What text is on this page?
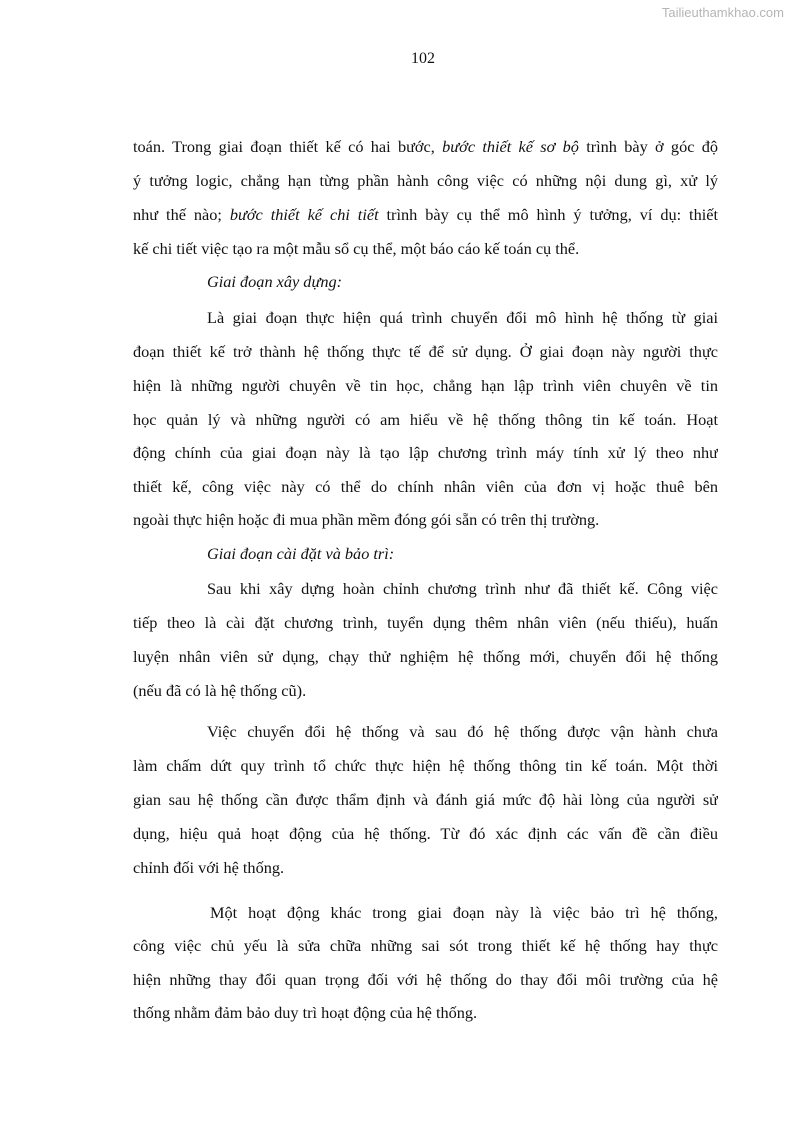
Tailieuthamkhao.com
102
toán. Trong giai đoạn thiết kế có hai bước, bước thiết kế sơ bộ trình bày ở góc độ
ý tưởng logic, chẳng hạn từng phần hành công việc có những nội dung gì, xử lý
như thế nào; bước thiết kế chi tiết trình bày cụ thể mô hình ý tưởng, ví dụ: thiết
kế chi tiết việc tạo ra một mẫu sổ cụ thể, một báo cáo kế toán cụ thể.
Giai đoạn xây dựng:
Là giai đoạn thực hiện quá trình chuyển đổi mô hình hệ thống từ giai
đoạn thiết kế trở thành hệ thống thực tế để sử dụng. Ở giai đoạn này người thực
hiện là những người chuyên về tin học, chẳng hạn lập trình viên chuyên về tin
học quản lý và những người có am hiểu về hệ thống thông tin kế toán. Hoạt
động chính của giai đoạn này là tạo lập chương trình máy tính xử lý theo như
thiết kế, công việc này có thể do chính nhân viên của đơn vị hoặc thuê bên
ngoài thực hiện hoặc đi mua phần mềm đóng gói sẵn có trên thị trường.
Giai đoạn cài đặt và bảo trì:
Sau khi xây dựng hoàn chỉnh chương trình như đã thiết kế. Công việc
tiếp theo là cài đặt chương trình, tuyển dụng thêm nhân viên (nếu thiếu), huấn
luyện nhân viên sử dụng, chạy thử nghiệm hệ thống mới, chuyển đổi hệ thống
(nếu đã có là hệ thống cũ).
Việc chuyển đổi hệ thống và sau đó hệ thống được vận hành chưa
làm chấm dứt quy trình tổ chức thực hiện hệ thống thông tin kế toán. Một thời
gian sau hệ thống cần được thẩm định và đánh giá mức độ hài lòng của người sử
dụng, hiệu quả hoạt động của hệ thống. Từ đó xác định các vấn đề cần điều
chỉnh đối với hệ thống.
Một hoạt động khác trong giai đoạn này là việc bảo trì hệ thống,
công việc chủ yếu là sửa chữa những sai sót trong thiết kế hệ thống hay thực
hiện những thay đổi quan trọng đối với hệ thống do thay đổi môi trường của hệ
thống nhằm đảm bảo duy trì hoạt động của hệ thống.
